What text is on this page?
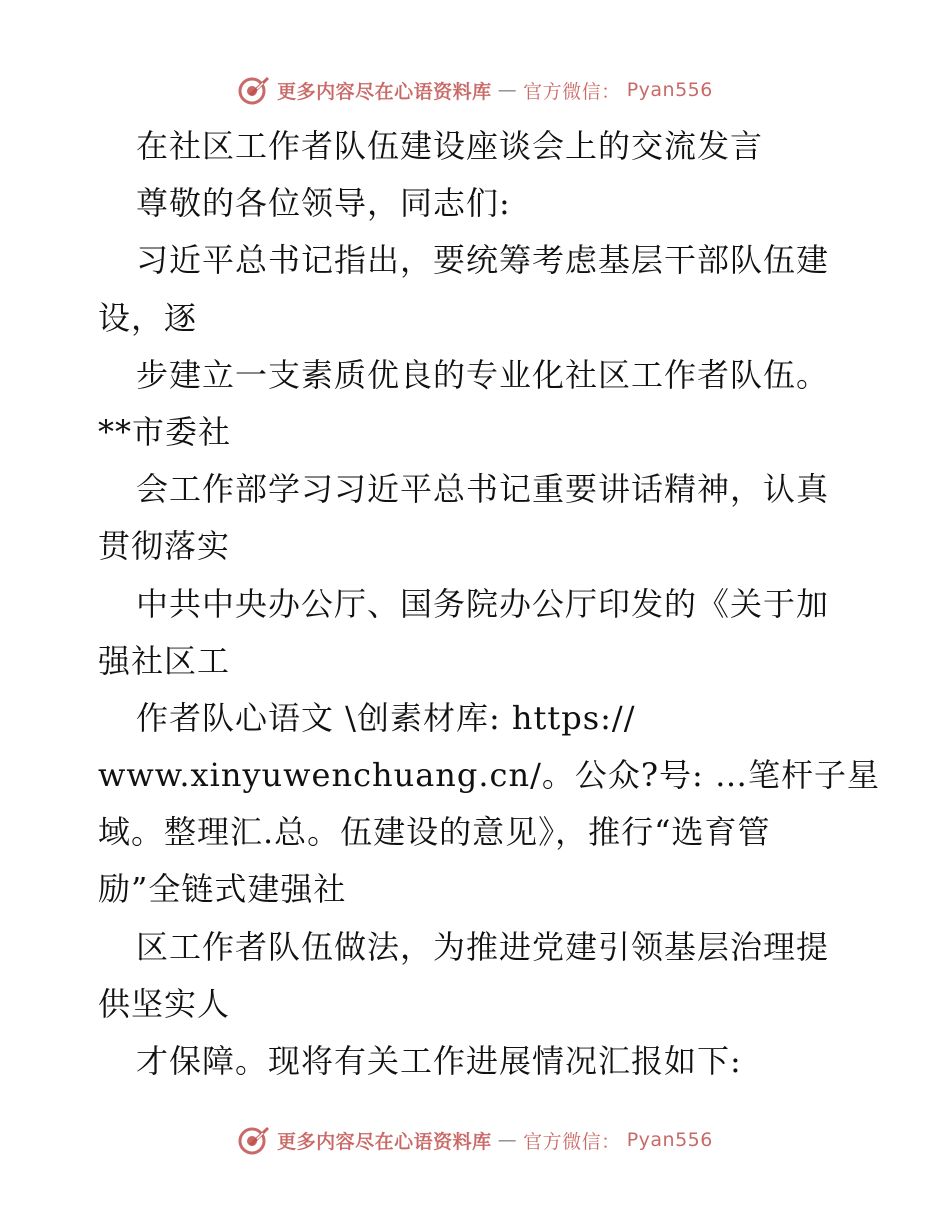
更多内容尽在心语资料库 — 官方微信： Pyan556
在社区工作者队伍建设座谈会上的交流发言
尊敬的各位领导，同志们:
习近平总书记指出，要统筹考虑基层干部队伍建
设，逐
步建立一支素质优良的专业化社区工作者队伍。
**市委社
会工作部学习习近平总书记重要讲话精神，认真
贯彻落实
中共中央办公厅、国务院办公厅印发的《关于加
强社区工
作者队心语文 \创素材库: https://
www.xinyuwenchuang.cn/。公众?号: …笔杆子星
域。整理汇.总。伍建设的意见》，推行“选育管
励”全链式建强社
区工作者队伍做法，为推进党建引领基层治理提
供坚实人
才保障。现将有关工作进展情况汇报如下:
更多内容尽在心语资料库 — 官方微信： Pyan556
